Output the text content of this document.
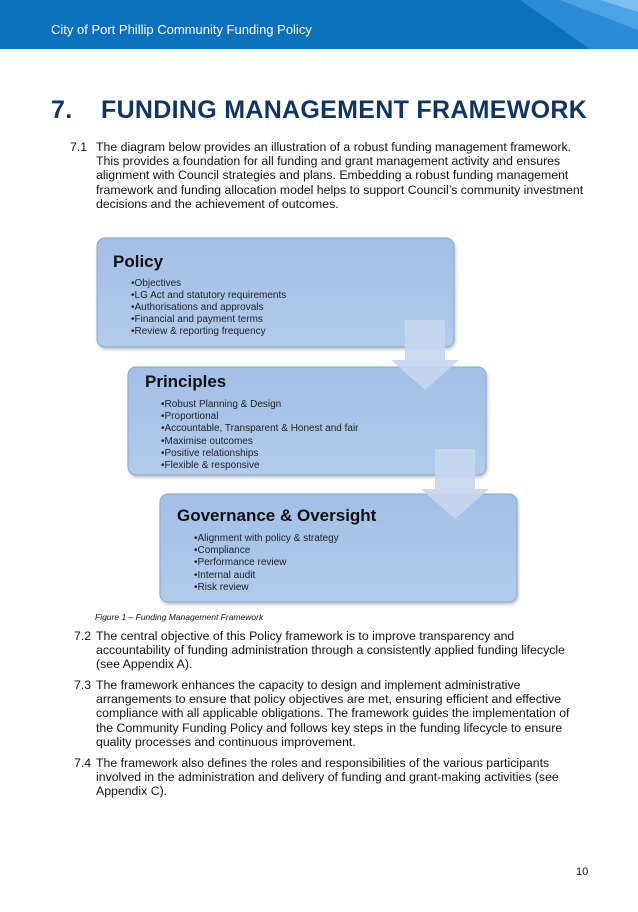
City of Port Phillip Community Funding Policy
7. FUNDING MANAGEMENT FRAMEWORK
7.1 The diagram below provides an illustration of a robust funding management framework.
This provides a foundation for all funding and grant management activity and ensures
alignment with Council strategies and plans. Embedding a robust funding management
framework and funding allocation model helps to support Council’s community investment
decisions and the achievement of outcomes.
Policy
•Objectives
•LG Act and statutory requirements
•Authorisations and approvals
•Financial and payment terms
•Review & reporting frequency
Principles
•Robust Planning & Design
•Proportional
•Accountable, Transparent & Honest and fair
•Maximise outcomes
•Positive relationships
•Flexible & responsive
Governance & Oversight
•Alignment with policy & strategy
•Compliance
•Performance review
•Internal audit
•Risk review
Figure 1 – Funding Management Framework
7.2 The central objective of this Policy framework is to improve transparency and
accountability of funding administration through a consistently applied funding lifecycle
(see Appendix A).
7.3 The framework enhances the capacity to design and implement administrative
arrangements to ensure that policy objectives are met, ensuring efficient and effective
compliance with all applicable obligations. The framework guides the implementation of
the Community Funding Policy and follows key steps in the funding lifecycle to ensure
quality processes and continuous improvement.
7.4 The framework also defines the roles and responsibilities of the various participants
involved in the administration and delivery of funding and grant-making activities (see
Appendix C).
10
